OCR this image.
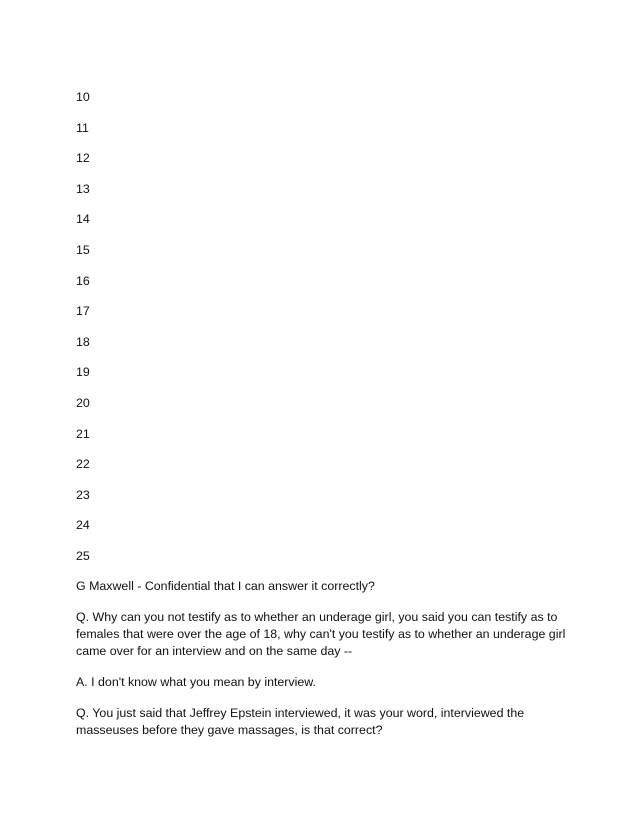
10
11
12
13
14
15
16
17
18
19
20
21
22
23
24
25

G Maxwell - Confidential that I can answer it correctly?

Q. Why can you not testify as to whether an underage girl, you said you can testify as to females that were over the age of 18, why can't you testify as to whether an underage girl came over for an interview and on the same day --

A. I don't know what you mean by interview.

Q. You just said that Jeffrey Epstein interviewed, it was your word, interviewed the masseuses before they gave massages, is that correct?
